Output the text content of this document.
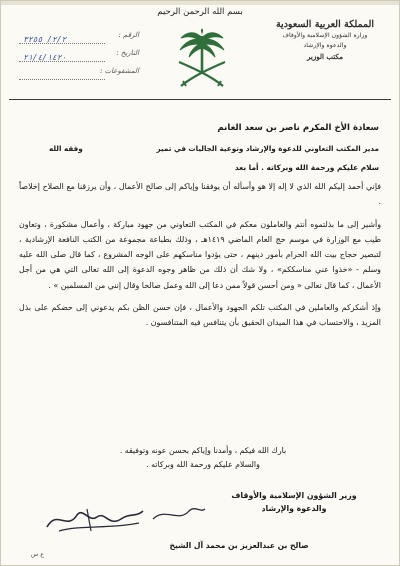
بسم الله الرحمن الرحيم
المملكة العربية السعودية
وزارة الشؤون الإسلامية والأوقاف
والدعوة والإرشاد
مكتب الوزير
الرقم :
٢/٢/ ٣٢٥٥
التاريخ :
٢١/٤/١٤٢٠
المشفوعات :
سعادة الأخ المكرم ناصر بن سعد الغانم
مدير المكتب التعاوني للدعوة والإرشاد وتوعية الجاليات في تمير
وفقه الله
سلام عليكم ورحمة الله وبركاته . أما بعد

فإني أحمد إليكم الله الذي لا إله إلا هو وأسأله أن يوفقنا وإياكم إلى صالح الأعمال ، وأن يرزقنا مع الصلاح إخلاصاً .

وأشير إلى ما بذلتموه أنتم والعاملون معكم في المكتب التعاوني من جهود مباركة ، وأعمال مشكورة ، وتعاون طيب مع الوزارة في موسم حج العام الماضي ١٤١٩هـ ، وذلك بطباعة مجموعة من الكتب النافعة الإرشادية ، لتبصير حجاج بيت الله الحرام بأمور دينهم ، حتى يؤدوا مناسكهم على الوجه المشروع ، كما قال صلى الله عليه وسلم - «خذوا عني مناسككم» ، ولا شك أن ذلك من ظاهر وجوه الدعوة إلى الله تعالى التي هي من أجل الأعمال ، كما قال تعالى « ومن أحسن قولاً ممن دعا إلى الله وعمل صالحا وقال إنني من المسلمين » .

وإذ أشكركم والعاملين في المكتب تلكم الجهود والأعمال ، فإن حسن الظن بكم يدعوني إلى حضكم على بذل المزيد ، والاحتساب في هذا الميدان الحقيق بأن يتنافس فيه المتنافسون .

بارك الله فيكم ، وأمدنا وإياكم بحسن عونه وتوفيقه .
والسلام عليكم ورحمة الله وبركاته .
وزير الشؤون الإسلامية والأوقاف
والدعوة والإرشاد
صالح بن عبدالعزيز بن محمد آل الشيخ
ع س
